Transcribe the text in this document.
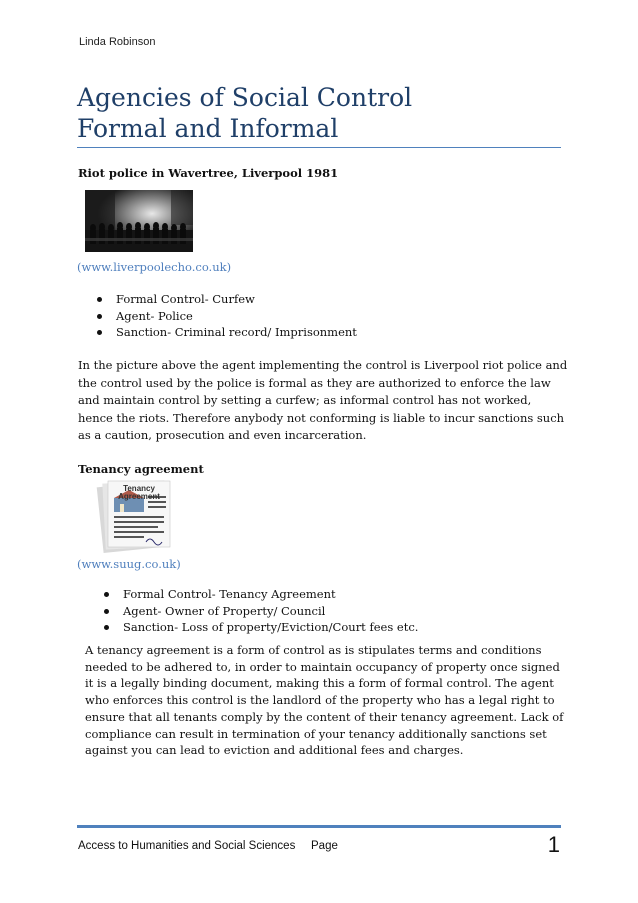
Linda Robinson
Agencies of Social Control
Formal and Informal
Riot police in Wavertree, Liverpool 1981
(www.liverpoolecho.co.uk)
Formal Control- Curfew
Agent- Police
Sanction- Criminal record/ Imprisonment
In the picture above the agent implementing the control is Liverpool riot police and
the control used by the police is formal as they are authorized to enforce the law
and maintain control by setting a curfew; as informal control has not worked,
hence the riots. Therefore anybody not conforming is liable to incur sanctions such
as a caution, prosecution and even incarceration.
Tenancy agreement
Tenancy
Agreement
(www.suug.co.uk)
Formal Control- Tenancy Agreement
Agent- Owner of Property/ Council
Sanction- Loss of property/Eviction/Court fees etc.
A tenancy agreement is a form of control as is stipulates terms and conditions
needed to be adhered to, in order to maintain occupancy of property once signed
it is a legally binding document, making this a form of formal control. The agent
who enforces this control is the landlord of the property who has a legal right to
ensure that all tenants comply by the content of their tenancy agreement. Lack of
compliance can result in termination of your tenancy additionally sanctions set
against you can lead to eviction and additional fees and charges.
Access to Humanities and Social Sciences Page	1
